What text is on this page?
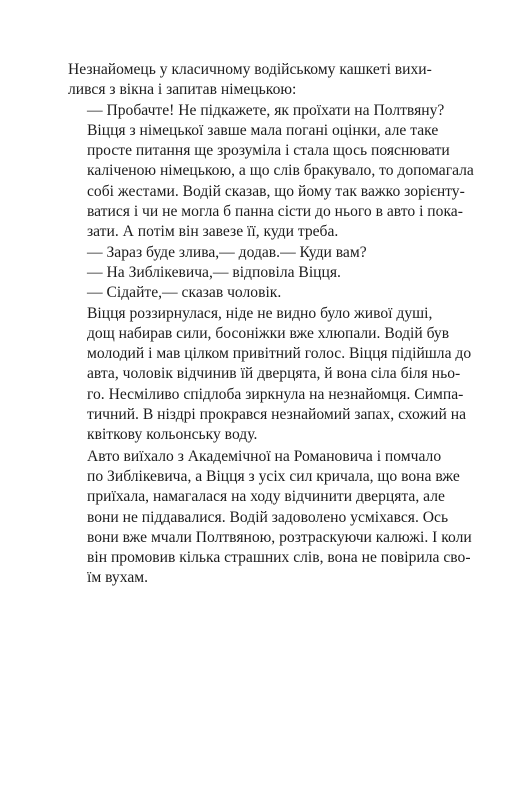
Незнайомець у класичному водійському кашкеті вихи-
лився з вікна і запитав німецькою:

— Пробачте! Не підкажете, як проїхати на Полтвяну?

Віцця з німецької завше мала погані оцінки, але таке
просте питання ще зрозуміла і стала щось пояснювати
каліченою німецькою, а що слів бракувало, то допомагала
собі жестами. Водій сказав, що йому так важко зорієнту-
ватися і чи не могла б панна сісти до нього в авто і пока-
зати. А потім він завезе її, куди треба.

— Зараз буде злива,— додав.— Куди вам?

— На Зиблікевича,— відповіла Віцця.

— Сідайте,— сказав чоловік.

Віцця роззирнулася, ніде не видно було живої душі,
дощ набирав сили, босоніжки вже хлюпали. Водій був
молодий і мав цілком привітний голос. Віцця підійшла до
авта, чоловік відчинив їй дверцята, й вона сіла біля ньо-
го. Несміливо спідлоба зиркнула на незнайомця. Симпа-
тичний. В ніздрі прокрався незнайомий запах, схожий на
квіткову кольонську воду.

Авто виїхало з Академічної на Романовича і помчало
по Зиблікевича, а Віцця з усіх сил кричала, що вона вже
приїхала, намагалася на ходу відчинити дверцята, але
вони не піддавалися. Водій задоволено усміхався. Ось
вони вже мчали Полтвяною, розтраскуючи калюжі. І коли
він промовив кілька страшних слів, вона не повірила сво-
їм вухам.
